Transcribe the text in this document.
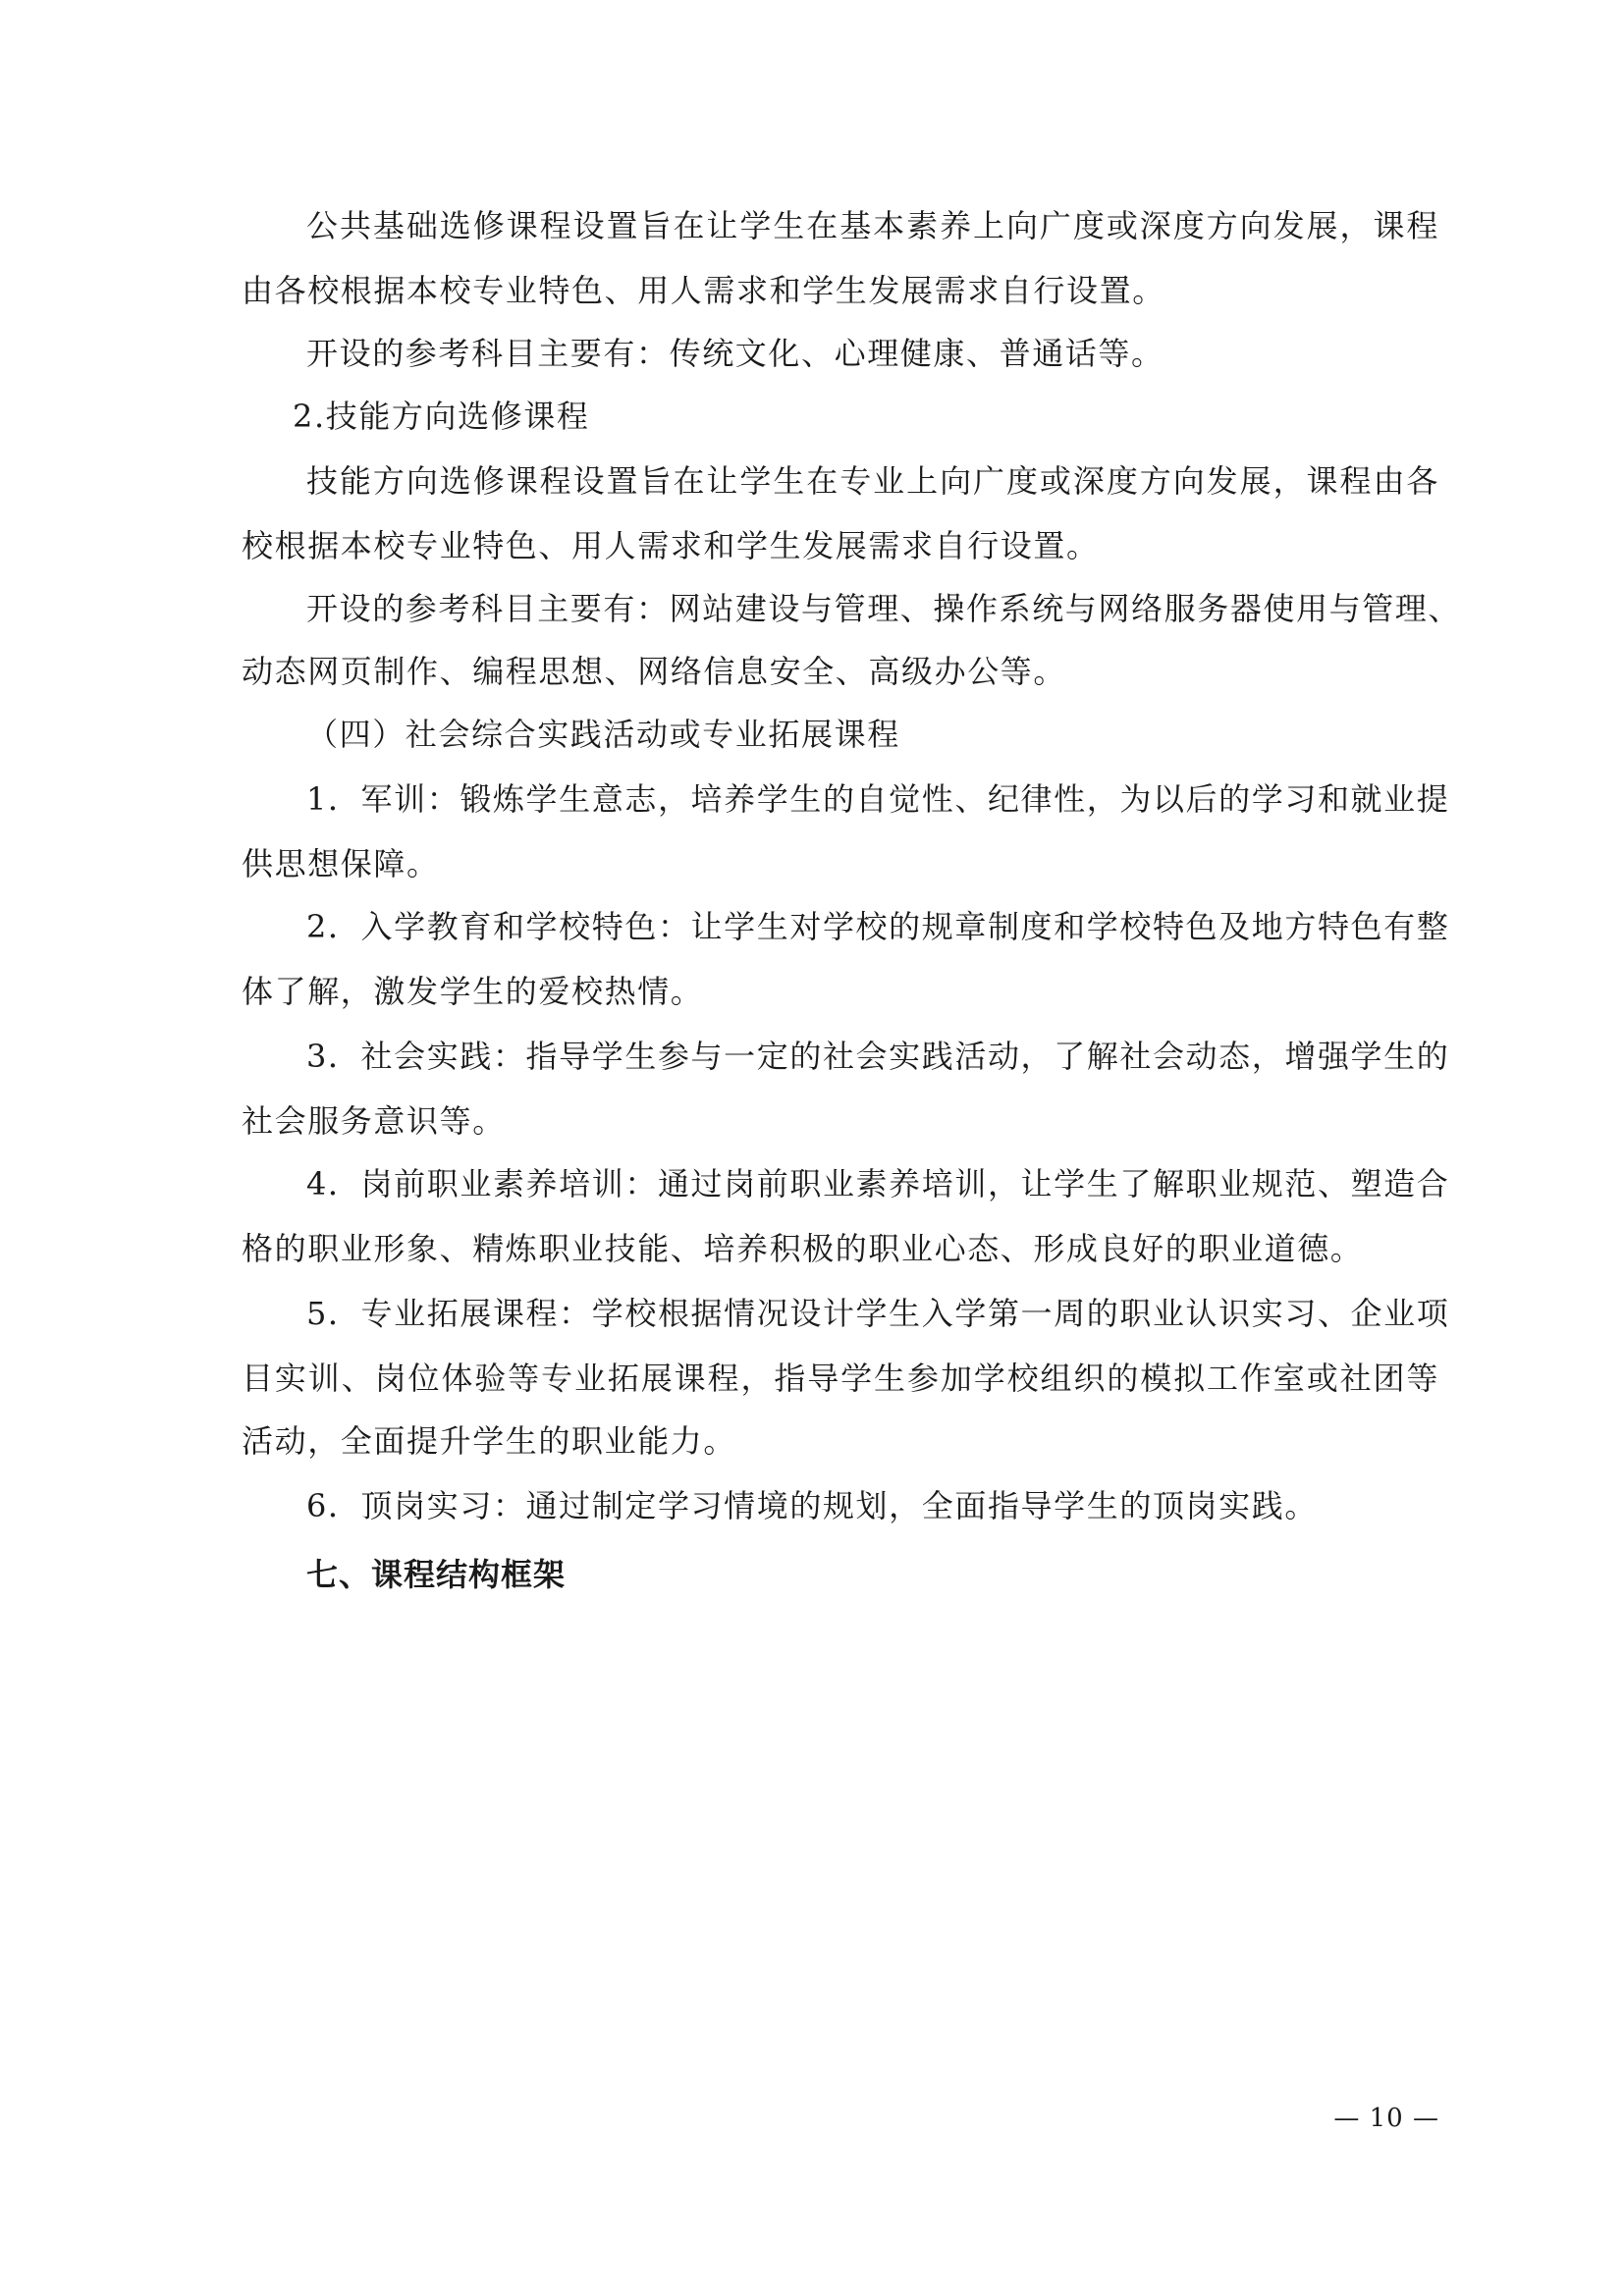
公共基础选修课程设置旨在让学生在基本素养上向广度或深度方向发展，课程
由各校根据本校专业特色、用人需求和学生发展需求自行设置。
开设的参考科目主要有：传统文化、心理健康、普通话等。
2.技能方向选修课程
技能方向选修课程设置旨在让学生在专业上向广度或深度方向发展，课程由各
校根据本校专业特色、用人需求和学生发展需求自行设置。
开设的参考科目主要有：网站建设与管理、操作系统与网络服务器使用与管理、
动态网页制作、编程思想、网络信息安全、高级办公等。
（四）社会综合实践活动或专业拓展课程
1．军训：锻炼学生意志，培养学生的自觉性、纪律性，为以后的学习和就业提
供思想保障。
2．入学教育和学校特色：让学生对学校的规章制度和学校特色及地方特色有整
体了解，激发学生的爱校热情。
3．社会实践：指导学生参与一定的社会实践活动，了解社会动态，增强学生的
社会服务意识等。
4．岗前职业素养培训：通过岗前职业素养培训，让学生了解职业规范、塑造合
格的职业形象、精炼职业技能、培养积极的职业心态、形成良好的职业道德。
5．专业拓展课程：学校根据情况设计学生入学第一周的职业认识实习、企业项
目实训、岗位体验等专业拓展课程，指导学生参加学校组织的模拟工作室或社团等
活动，全面提升学生的职业能力。
6．顶岗实习：通过制定学习情境的规划，全面指导学生的顶岗实践。
七、课程结构框架
— 10 —
